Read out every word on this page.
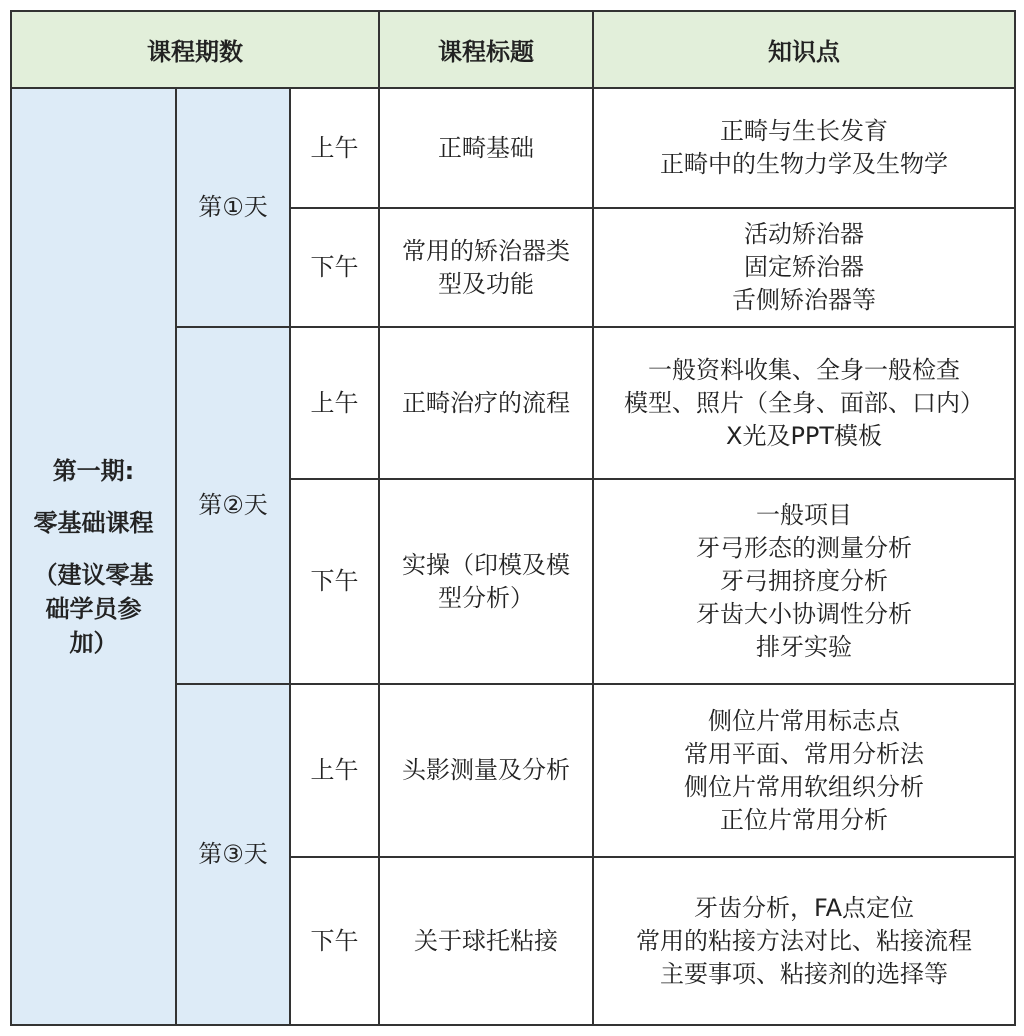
课程期数			课程标题	知识点

第一期:
零基础课程
（建议零基
础学员参
加）	第①天	上午	正畸基础	正畸与生长发育
正畸中的生物力学及生物学

		下午	常用的矫治器类
型及功能	活动矫治器
固定矫治器
舌侧矫治器等

	第②天	上午	正畸治疗的流程	一般资料收集、全身一般检查
模型、照片（全身、面部、口内）
X光及PPT模板

		下午	实操（印模及模
型分析）	一般项目
牙弓形态的测量分析
牙弓拥挤度分析
牙齿大小协调性分析
排牙实验

	第③天	上午	头影测量及分析	侧位片常用标志点
常用平面、常用分析法
侧位片常用软组织分析
正位片常用分析

		下午	关于球托粘接	牙齿分析，FA点定位
常用的粘接方法对比、粘接流程
主要事项、粘接剂的选择等
